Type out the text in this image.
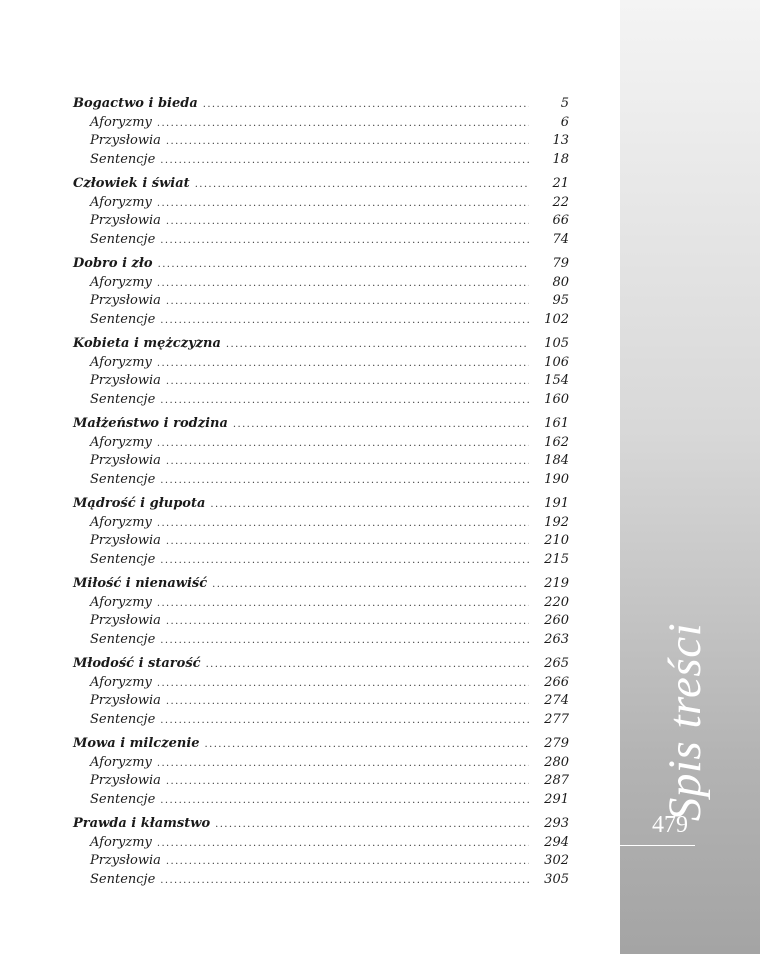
Bogactwo i bieda .....	5
Aforyzmy .....	6
Przysłowia .....	13
Sentencje .....	18
Człowiek i świat .....	21
Aforyzmy .....	22
Przysłowia .....	66
Sentencje .....	74
Dobro i zło .....	79
Aforyzmy .....	80
Przysłowia .....	95
Sentencje .....	102
Kobieta i mężczyzna .....	105
Aforyzmy .....	106
Przysłowia .....	154
Sentencje .....	160
Małżeństwo i rodzina .....	161
Aforyzmy .....	162
Przysłowia .....	184
Sentencje .....	190
Mądrość i głupota .....	191
Aforyzmy .....	192
Przysłowia .....	210
Sentencje .....	215
Miłość i nienawiść .....	219
Aforyzmy .....	220
Przysłowia .....	260
Sentencje .....	263
Młodość i starość .....	265
Aforyzmy .....	266
Przysłowia .....	274
Sentencje .....	277
Mowa i milczenie .....	279
Aforyzmy .....	280
Przysłowia .....	287
Sentencje .....	291
Prawda i kłamstwo .....	293
Aforyzmy .....	294
Przysłowia .....	302
Sentencje .....	305
Spis treści
479
